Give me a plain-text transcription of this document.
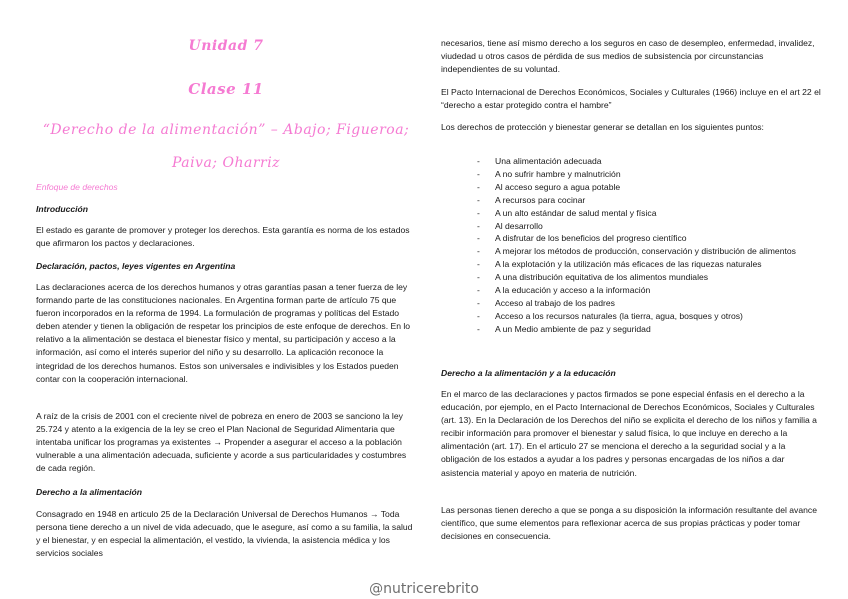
Unidad 7

Clase 11

“Derecho de la alimentación” – Abajo; Figueroa; Paiva; Oharriz

Enfoque de derechos

Introducción

El estado es garante de promover y proteger los derechos. Esta garantía es norma de los estados que afirmaron los pactos y declaraciones.

Declaración, pactos, leyes vigentes en Argentina

Las declaraciones acerca de los derechos humanos y otras garantías pasan a tener fuerza de ley formando parte de las constituciones nacionales. En Argentina forman parte de artículo 75 que fueron incorporados en la reforma de 1994. La formulación de programas y políticas del Estado deben atender y tienen la obligación de respetar los principios de este enfoque de derechos. En lo relativo a la alimentación se destaca el bienestar físico y mental, su participación y acceso a la información, así como el interés superior del niño y su desarrollo. La aplicación reconoce la integridad de los derechos humanos. Estos son universales e indivisibles y los Estados pueden contar con la cooperación internacional.

A raíz de la crisis de 2001 con el creciente nivel de pobreza en enero de 2003 se sanciono la ley 25.724 y atento a la exigencia de la ley se creo el Plan Nacional de Seguridad Alimentaria que intentaba unificar los programas ya existentes → Propender a asegurar el acceso a la población vulnerable a una alimentación adecuada, suficiente y acorde a sus particularidades y costumbres de cada región.

Derecho a la alimentación

Consagrado en 1948 en articulo 25 de la Declaración Universal de Derechos Humanos → Toda persona tiene derecho a un nivel de vida adecuado, que le asegure, así como a su familia, la salud y el bienestar, y en especial la alimentación, el vestido, la vivienda, la asistencia médica y los servicios sociales

necesarios, tiene así mismo derecho a los seguros en caso de desempleo, enfermedad, invalidez, viudedad u otros casos de pérdida de sus medios de subsistencia por circunstancias independientes de su voluntad.

El Pacto Internacional de Derechos Económicos, Sociales y Culturales (1966) incluye en el art 22 el “derecho a estar protegido contra el hambre”

Los derechos de protección y bienestar generar se detallan en los siguientes puntos:

- Una alimentación adecuada
- A no sufrir hambre y malnutrición
- Al acceso seguro a agua potable
- A recursos para cocinar
- A un alto estándar de salud mental y física
- Al desarrollo
- A disfrutar de los beneficios del progreso científico
- A mejorar los métodos de producción, conservación y distribución de alimentos
- A la explotación y la utilización más eficaces de las riquezas naturales
- A una distribución equitativa de los alimentos mundiales
- A la educación y acceso a la información
- Acceso al trabajo de los padres
- Acceso a los recursos naturales (la tierra, agua, bosques y otros)
- A un Medio ambiente de paz y seguridad

Derecho a la alimentación y a la educación

En el marco de las declaraciones y pactos firmados se pone especial énfasis en el derecho a la educación, por ejemplo, en el Pacto Internacional de Derechos Económicos, Sociales y Culturales (art. 13). En la Declaración de los Derechos del niño se explicita el derecho de los niños y familia a recibir información para promover el bienestar y salud física, lo que incluye en derecho a la alimentación (art. 17). En el articulo 27 se menciona el derecho a la seguridad social y a la obligación de los estados a ayudar a los padres y personas encargadas de los niños a dar asistencia material y apoyo en materia de nutrición.

Las personas tienen derecho a que se ponga a su disposición la información resultante del avance científico, que sume elementos para reflexionar acerca de sus propias prácticas y poder tomar decisiones en consecuencia.

@nutricerebrito
